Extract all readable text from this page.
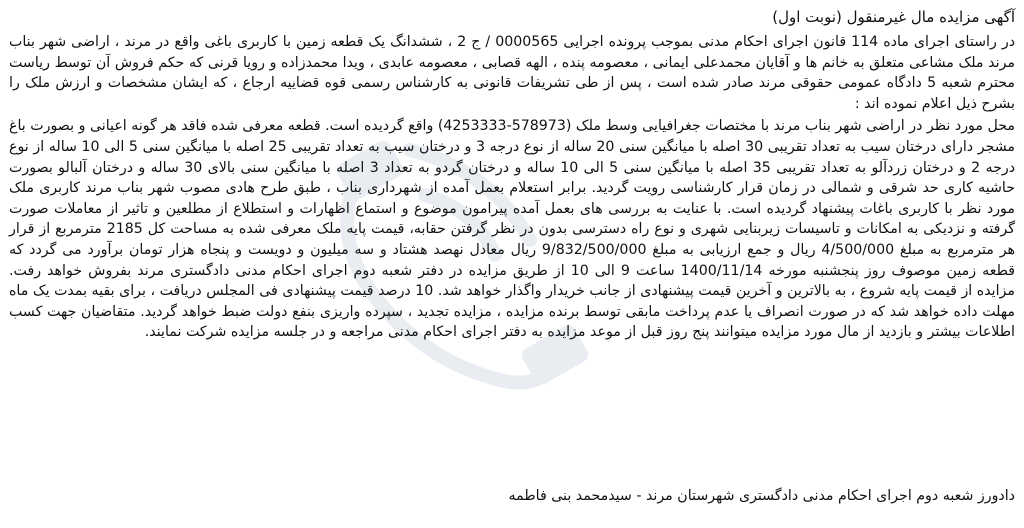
آگهی مزایده مال غیرمنقول (نوبت اول)

در راستای اجرای ماده 114 قانون اجرای احکام مدنی بموجب پرونده اجرایی 0000565 / ج 2 ، ششدانگ یک قطعه زمین با کاربری باغی واقع در مرند ، اراضی شهر بناب مرند ملک مشاعی متعلق به خانم ها و آقایان محمدعلی ایمانی ، معصومه پنده ، الهه قصابی ، معصومه عابدی ، ویدا محمدزاده و رویا قرنی که حکم فروش آن توسط ریاست محترم شعبه 5 دادگاه عمومی حقوقی مرند صادر شده است ، پس از طی تشریفات قانونی به کارشناس رسمی قوه قضاییه ارجاع ، که ایشان مشخصات و ارزش ملک را بشرح ذیل اعلام نموده اند :

محل مورد نظر در اراضی شهر بناب مرند با مختصات جغرافیایی وسط ملک (578973-4253333) واقع گردیده است. قطعه معرفی شده فاقد هر گونه اعیانی و بصورت باغ مشجر دارای درختان سیب به تعداد تقریبی 30 اصله با میانگین سنی 20 ساله از نوع درجه 3 و درختان سیب به تعداد تقریبی 25 اصله با میانگین سنی 5 الی 10 ساله از نوع درجه 2 و درختان زردآلو به تعداد تقریبی 35 اصله با میانگین سنی 5 الی 10 ساله و درختان گردو به تعداد 3 اصله با میانگین سنی بالای 30 ساله و درختان آلبالو بصورت حاشیه کاری حد شرقی و شمالی در زمان قرار کارشناسی رویت گردید. برابر استعلام بعمل آمده از شهرداری بناب ، طبق طرح هادی مصوب شهر بناب مرند کاربری ملک مورد نظر با کاربری باغات پیشنهاد گردیده است. با عنایت به بررسی های بعمل آمده پیرامون موضوع و استماع اظهارات و استطلاع از مطلعین و تاثیر از معاملات صورت گرفته و نزدیکی به امکانات و تاسیسات زیربنایی شهری و نوع راه دسترسی بدون در نظر گرفتن حقابه، قیمت پایه ملک معرفی شده به مساحت کل 2185 مترمربع از قرار هر مترمربع به مبلغ 4/500/000 ریال و جمع ارزیابی به مبلغ 9/832/500/000 ریال معادل نهصد هشتاد و سه میلیون و دویست و پنجاه هزار تومان برآورد می گردد که قطعه زمین موصوف روز پنجشنبه مورخه 1400/11/14 ساعت 9 الی 10 از طریق مزایده در دفتر شعبه دوم اجرای احکام مدنی دادگستری مرند بفروش خواهد رفت. مزایده از قیمت پایه شروع ، به بالاترین و آخرین قیمت پیشنهادی از جانب خریدار واگذار خواهد شد. 10 درصد قیمت پیشنهادی فی المجلس دریافت ، برای بقیه بمدت یک ماه مهلت داده خواهد شد که در صورت انصراف یا عدم پرداخت مابقی توسط برنده مزایده ، مزایده تجدید ، سپرده واریزی بنفع دولت ضبط خواهد گردید. متقاضیان جهت کسب اطلاعات بیشتر و بازدید از مال مورد مزایده میتوانند پنج روز قبل از موعد مزایده به دفتر اجرای احکام مدنی مراجعه و در جلسه مزایده شرکت نمایند.

دادورز شعبه دوم اجرای احکام مدنی دادگستری شهرستان مرند - سیدمحمد بنی فاطمه
